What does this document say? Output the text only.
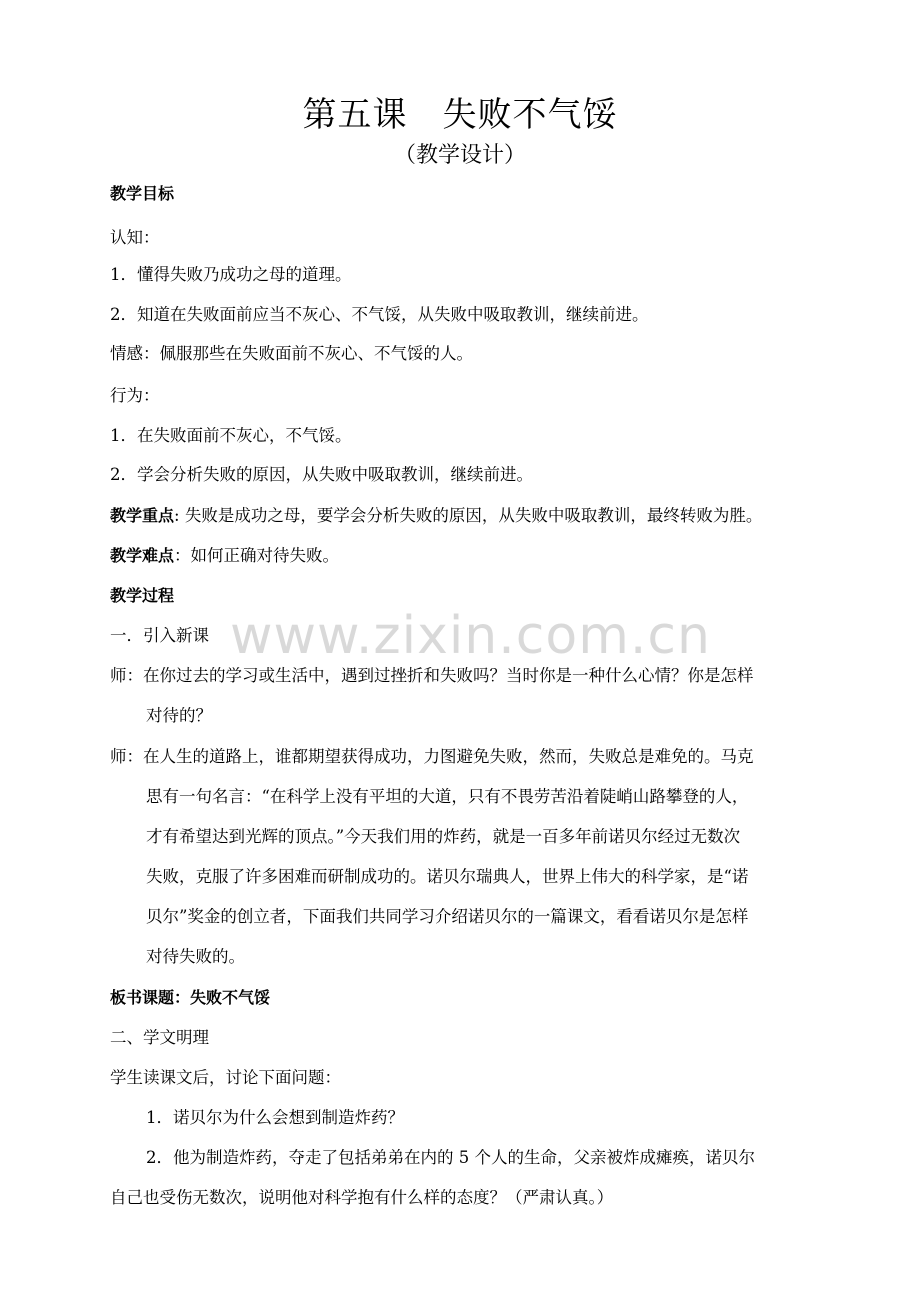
第五课　失败不气馁
（教学设计）
教学目标
认知：
1．懂得失败乃成功之母的道理。
2．知道在失败面前应当不灰心、不气馁，从失败中吸取教训，继续前进。
情感：佩服那些在失败面前不灰心、不气馁的人。
行为：
1．在失败面前不灰心，不气馁。
2．学会分析失败的原因，从失败中吸取教训，继续前进。
教学重点: 失败是成功之母，要学会分析失败的原因，从失败中吸取教训，最终转败为胜。
教学难点：如何正确对待失败。
教学过程
www.zixin.com.cn
一．引入新课
师：在你过去的学习或生活中，遇到过挫折和失败吗？当时你是一种什么心情？你是怎样
对待的？
师：在人生的道路上，谁都期望获得成功，力图避免失败，然而，失败总是难免的。马克
思有一句名言：“在科学上没有平坦的大道，只有不畏劳苦沿着陡峭山路攀登的人，
才有希望达到光辉的顶点。”今天我们用的炸药，就是一百多年前诺贝尔经过无数次
失败，克服了许多困难而研制成功的。诺贝尔瑞典人，世界上伟大的科学家，是“诺
贝尔”奖金的创立者，下面我们共同学习介绍诺贝尔的一篇课文，看看诺贝尔是怎样
对待失败的。
板书课题：失败不气馁
二、学文明理
学生读课文后，讨论下面问题：
1．诺贝尔为什么会想到制造炸药？
2．他为制造炸药，夺走了包括弟弟在内的 5 个人的生命，父亲被炸成瘫痪，诺贝尔
自己也受伤无数次，说明他对科学抱有什么样的态度？（严肃认真。）
